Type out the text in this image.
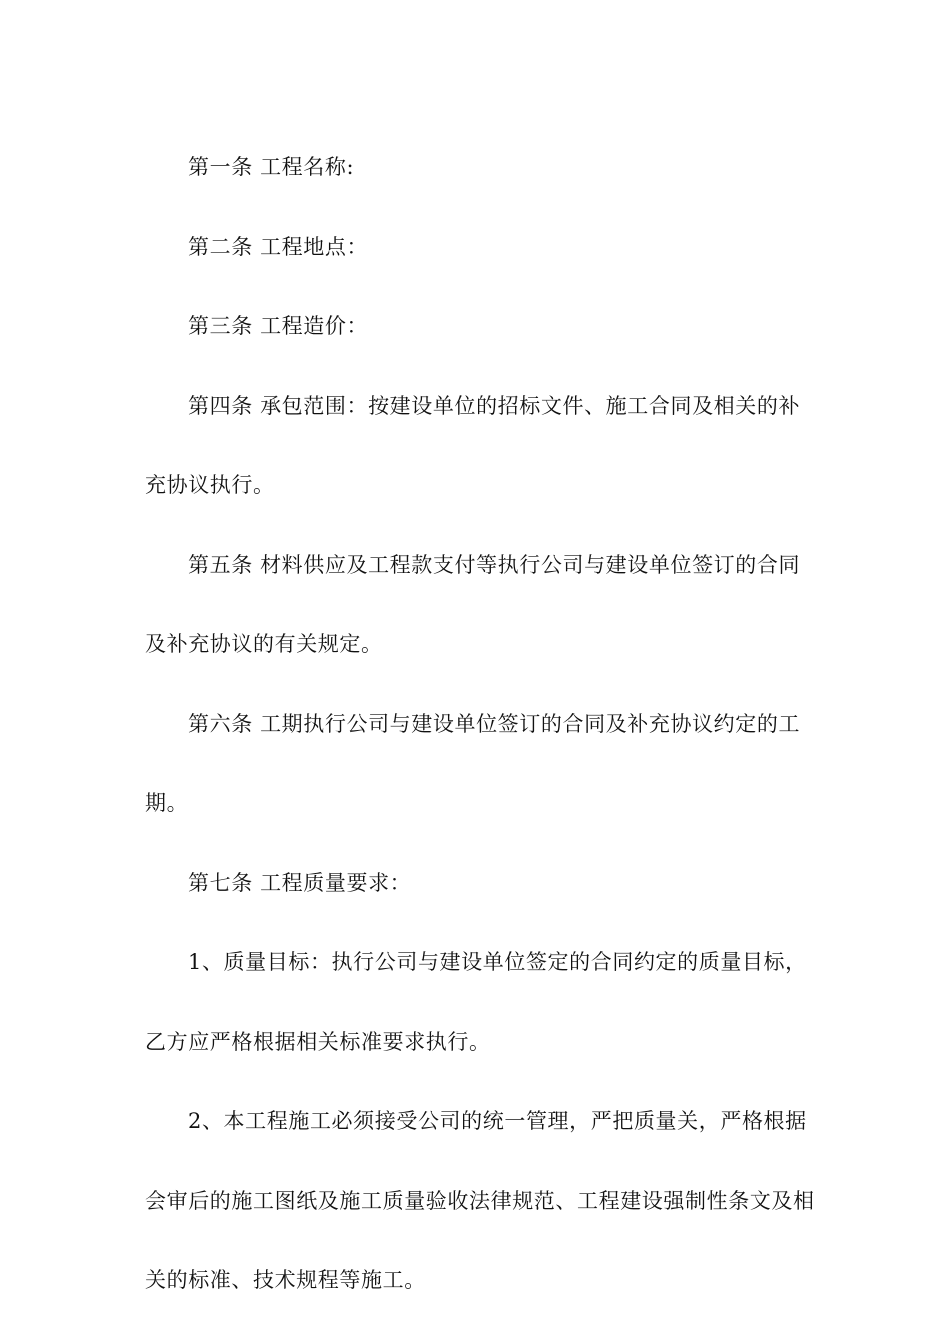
第一条 工程名称:

第二条 工程地点：

第三条 工程造价：

第四条 承包范围：按建设单位的招标文件、施工合同及相关的补充协议执行。

第五条 材料供应及工程款支付等执行公司与建设单位签订的合同及补充协议的有关规定。

第六条 工期执行公司与建设单位签订的合同及补充协议约定的工期。

第七条 工程质量要求：

1、质量目标：执行公司与建设单位签定的合同约定的质量目标，乙方应严格根据相关标准要求执行。

2、本工程施工必须接受公司的统一管理，严把质量关，严格根据会审后的施工图纸及施工质量验收法律规范、工程建设强制性条文及相关的标准、技术规程等施工。
